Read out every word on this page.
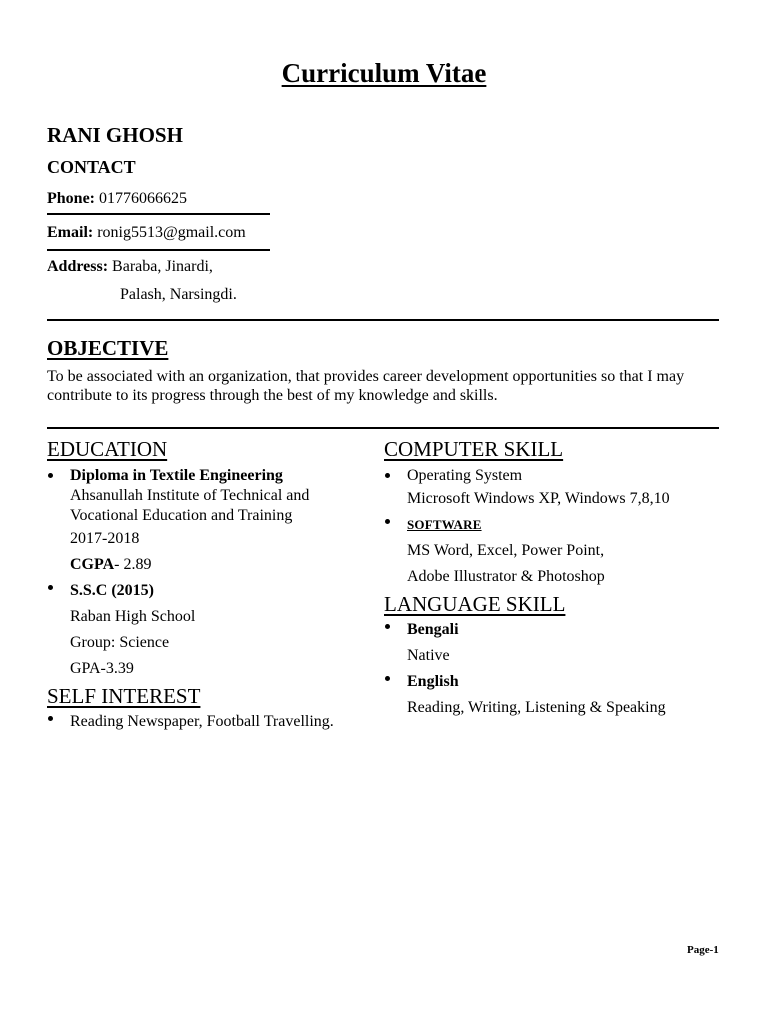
Curriculum Vitae
RANI GHOSH
CONTACT
Phone: 01776066625
Email: ronig5513@gmail.com
Address: Baraba, Jinardi,
Palash, Narsingdi.
OBJECTIVE
To be associated with an organization, that provides career development opportunities so that I may contribute to its progress through the best of my knowledge and skills.
EDUCATION
Diploma in Textile Engineering
Ahsanullah Institute of Technical and Vocational Education and Training
2017-2018
CGPA- 2.89
S.S.C (2015)
Raban High School
Group: Science
GPA-3.39
SELF INTEREST
Reading Newspaper, Football Travelling.
COMPUTER SKILL
Operating System
Microsoft Windows XP, Windows 7,8,10
SOFTWARE
MS Word, Excel, Power Point,
Adobe Illustrator & Photoshop
LANGUAGE SKILL
Bengali
Native
English
Reading, Writing, Listening & Speaking
Page-1
